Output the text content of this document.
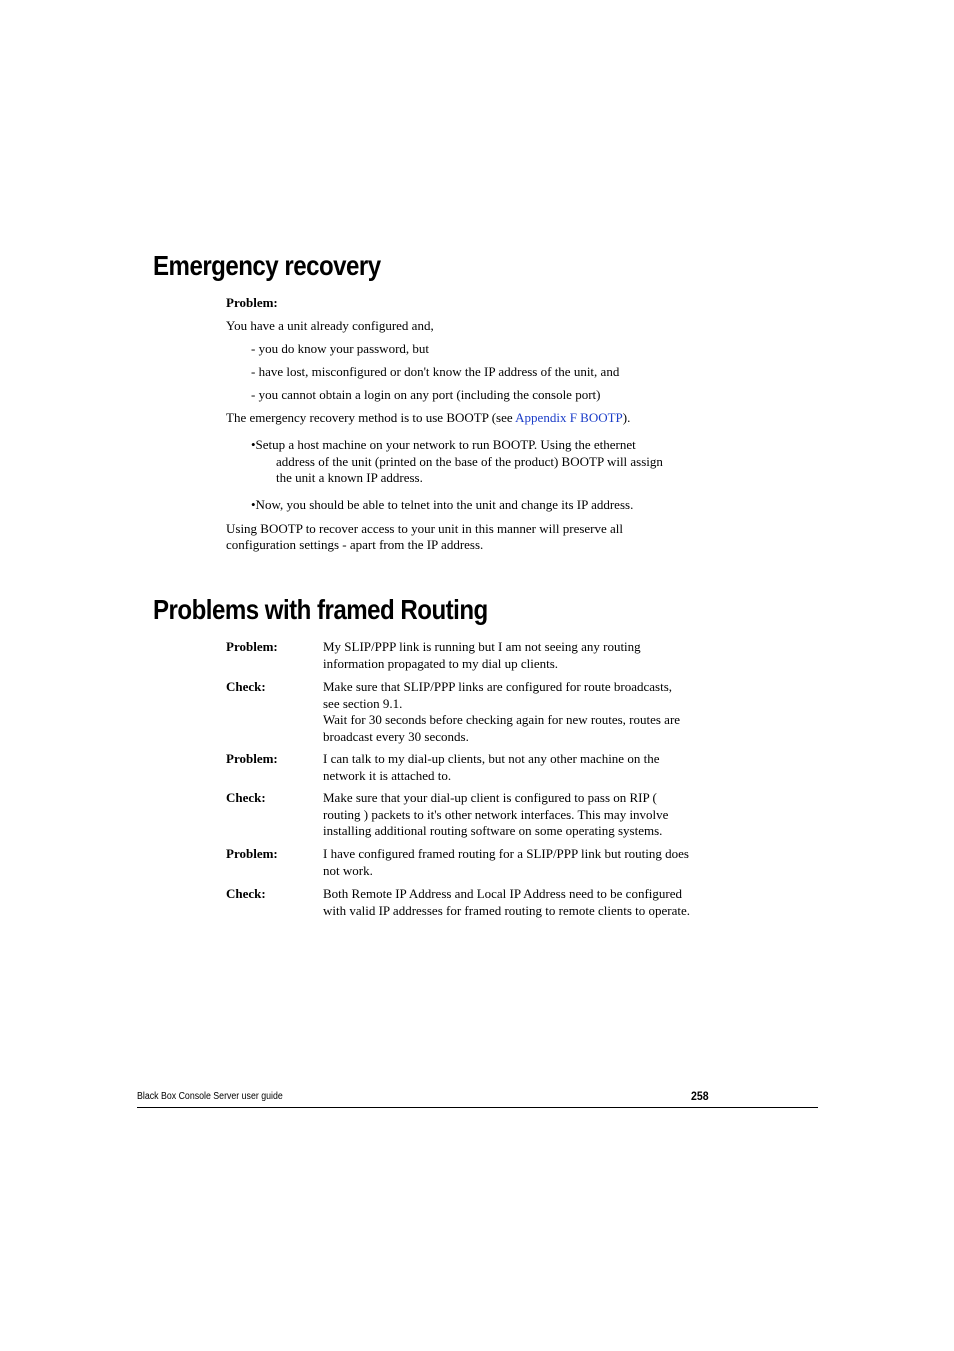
Emergency recovery
Problem:
You have a unit already configured and,
- you do know your password, but
- have lost, misconfigured or don't know the IP address of the unit, and
- you cannot obtain a login on any port (including the console port)
The emergency recovery method is to use BOOTP (see Appendix F BOOTP).
•Setup a host machine on your network to run BOOTP. Using the ethernet
address of the unit (printed on the base of the product) BOOTP will assign
the unit a known IP address.
•Now, you should be able to telnet into the unit and change its IP address.
Using BOOTP to recover access to your unit in this manner will preserve all
configuration settings - apart from the IP address.
Problems with framed Routing
Problem:	My SLIP/PPP link is running but I am not seeing any routing
information propagated to my dial up clients.
Check:	Make sure that SLIP/PPP links are configured for route broadcasts,
see section 9.1.
Wait for 30 seconds before checking again for new routes, routes are
broadcast every 30 seconds.
Problem:	I can talk to my dial-up clients, but not any other machine on the
network it is attached to.
Check:	Make sure that your dial-up client is configured to pass on RIP (
routing ) packets to it's other network interfaces. This may involve
installing additional routing software on some operating systems.
Problem:	I have configured framed routing for a SLIP/PPP link but routing does
not work.
Check:	Both Remote IP Address and Local IP Address need to be configured
with valid IP addresses for framed routing to remote clients to operate.
Black Box Console Server user guide	258
